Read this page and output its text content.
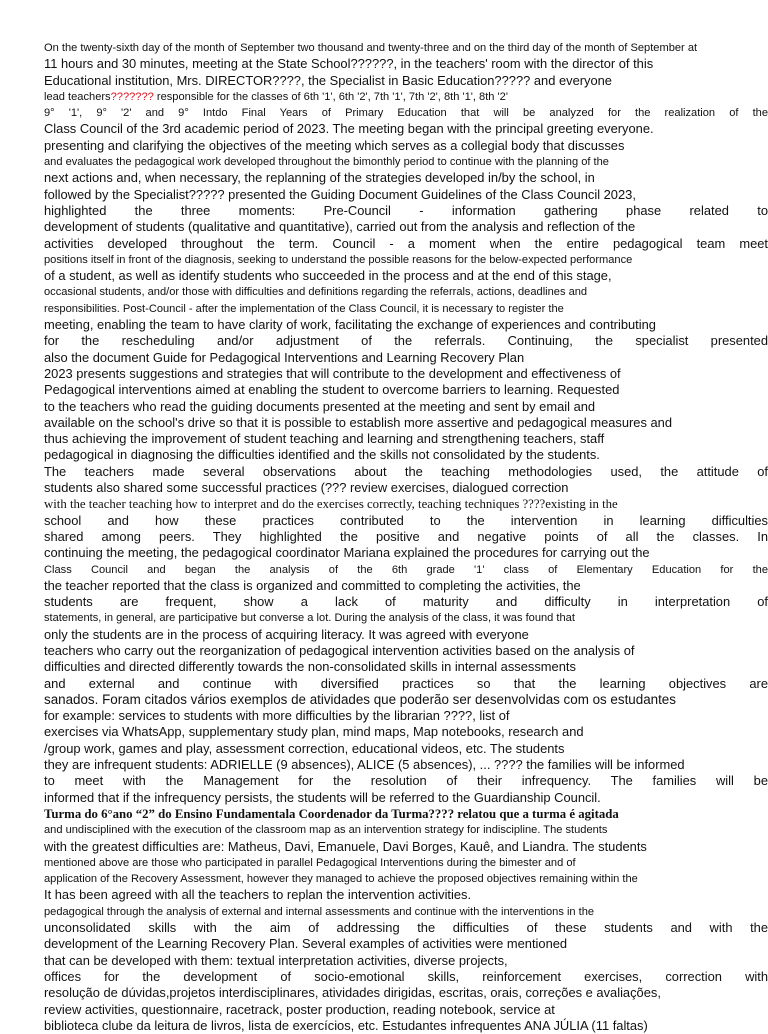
On the twenty-sixth day of the month of September two thousand and twenty-three and on the third day of the month of September at
11 hours and 30 minutes, meeting at the State School??????, in the teachers' room with the director of this
Educational institution, Mrs. DIRECTOR????, the Specialist in Basic Education????? and everyone
lead teachers??????? responsible for the classes of 6th '1', 6th '2', 7th '1', 7th '2', 8th '1', 8th '2'
9° '1', 9° '2' and 9° Intdo Final Years of Primary Education that will be analyzed for the realization of the
Class Council of the 3rd academic period of 2023. The meeting began with the principal greeting everyone.
presenting and clarifying the objectives of the meeting which serves as a collegial body that discusses
and evaluates the pedagogical work developed throughout the bimonthly period to continue with the planning of the
next actions and, when necessary, the replanning of the strategies developed in/by the school, in
followed by the Specialist????? presented the Guiding Document Guidelines of the Class Council 2023,
highlighted the three moments: Pre-Council - information gathering phase related to
development of students (qualitative and quantitative), carried out from the analysis and reflection of the
activities developed throughout the term. Council - a moment when the entire pedagogical team meet
positions itself in front of the diagnosis, seeking to understand the possible reasons for the below-expected performance
of a student, as well as identify students who succeeded in the process and at the end of this stage,
occasional students, and/or those with difficulties and definitions regarding the referrals, actions, deadlines and
responsibilities. Post-Council - after the implementation of the Class Council, it is necessary to register the
meeting, enabling the team to have clarity of work, facilitating the exchange of experiences and contributing
for the rescheduling and/or adjustment of the referrals. Continuing, the specialist presented
also the document Guide for Pedagogical Interventions and Learning Recovery Plan
2023 presents suggestions and strategies that will contribute to the development and effectiveness of
Pedagogical interventions aimed at enabling the student to overcome barriers to learning. Requested
to the teachers who read the guiding documents presented at the meeting and sent by email and
available on the school's drive so that it is possible to establish more assertive and pedagogical measures and
thus achieving the improvement of student teaching and learning and strengthening teachers, staff
pedagogical in diagnosing the difficulties identified and the skills not consolidated by the students.
The teachers made several observations about the teaching methodologies used, the attitude of
students also shared some successful practices (??? review exercises, dialogued correction
with the teacher teaching how to interpret and do the exercises correctly, teaching techniques ????existing in the
school and how these practices contributed to the intervention in learning difficulties
shared among peers. They highlighted the positive and negative points of all the classes. In
continuing the meeting, the pedagogical coordinator Mariana explained the procedures for carrying out the
Class Council and began the analysis of the 6th grade '1' class of Elementary Education for the
the teacher reported that the class is organized and committed to completing the activities, the
students are frequent, show a lack of maturity and difficulty in interpretation of
statements, in general, are participative but converse a lot. During the analysis of the class, it was found that
only the students are in the process of acquiring literacy. It was agreed with everyone
teachers who carry out the reorganization of pedagogical intervention activities based on the analysis of
difficulties and directed differently towards the non-consolidated skills in internal assessments
and external and continue with diversified practices so that the learning objectives are
sanados. Foram citados vários exemplos de atividades que poderão ser desenvolvidas com os estudantes
for example: services to students with more difficulties by the librarian ????, list of
exercises via WhatsApp, supplementary study plan, mind maps, Map notebooks, research and
/group work, games and play, assessment correction, educational videos, etc. The students
they are infrequent students: ADRIELLE (9 absences), ALICE (5 absences), ... ???? the families will be informed
to meet with the Management for the resolution of their infrequency. The families will be
informed that if the infrequency persists, the students will be referred to the Guardianship Council.
Turma do 6°ano “2” do Ensino Fundamentala Coordenador da Turma???? relatou que a turma é agitada
and undisciplined with the execution of the classroom map as an intervention strategy for indiscipline. The students
with the greatest difficulties are: Matheus, Davi, Emanuele, Davi Borges, Kauê, and Liandra. The students
mentioned above are those who participated in parallel Pedagogical Interventions during the bimester and of
application of the Recovery Assessment, however they managed to achieve the proposed objectives remaining within the
It has been agreed with all the teachers to replan the intervention activities.
pedagogical through the analysis of external and internal assessments and continue with the interventions in the
unconsolidated skills with the aim of addressing the difficulties of these students and with the
development of the Learning Recovery Plan. Several examples of activities were mentioned
that can be developed with them: textual interpretation activities, diverse projects,
offices for the development of socio-emotional skills, reinforcement exercises, correction with
resolução de dúvidas,projetos interdisciplinares, atividades dirigidas, escritas, orais, correções e avaliações,
review activities, questionnaire, racetrack, poster production, reading notebook, service at
biblioteca clube da leitura de livros, lista de exercícios, etc. Estudantes infrequentes ANA JÚLIA (11 faltas)
